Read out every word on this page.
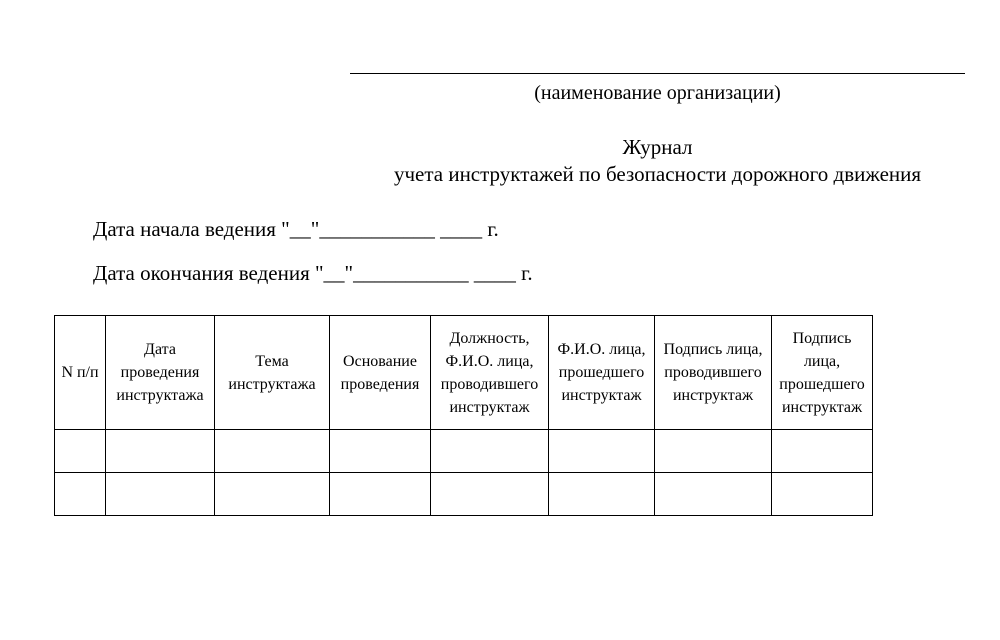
(наименование организации)
Журнал
учета инструктажей по безопасности дорожного движения
Дата начала ведения "__"___________ ____ г.
Дата окончания ведения "__"___________ ____ г.
N п/п	Дата проведения инструктажа	Тема инструктажа	Основание проведения	Должность, Ф.И.О. лица, проводившего инструктаж	Ф.И.О. лица, прошедшего инструктаж	Подпись лица, проводившего инструктаж	Подпись лица, прошедшего инструктаж
